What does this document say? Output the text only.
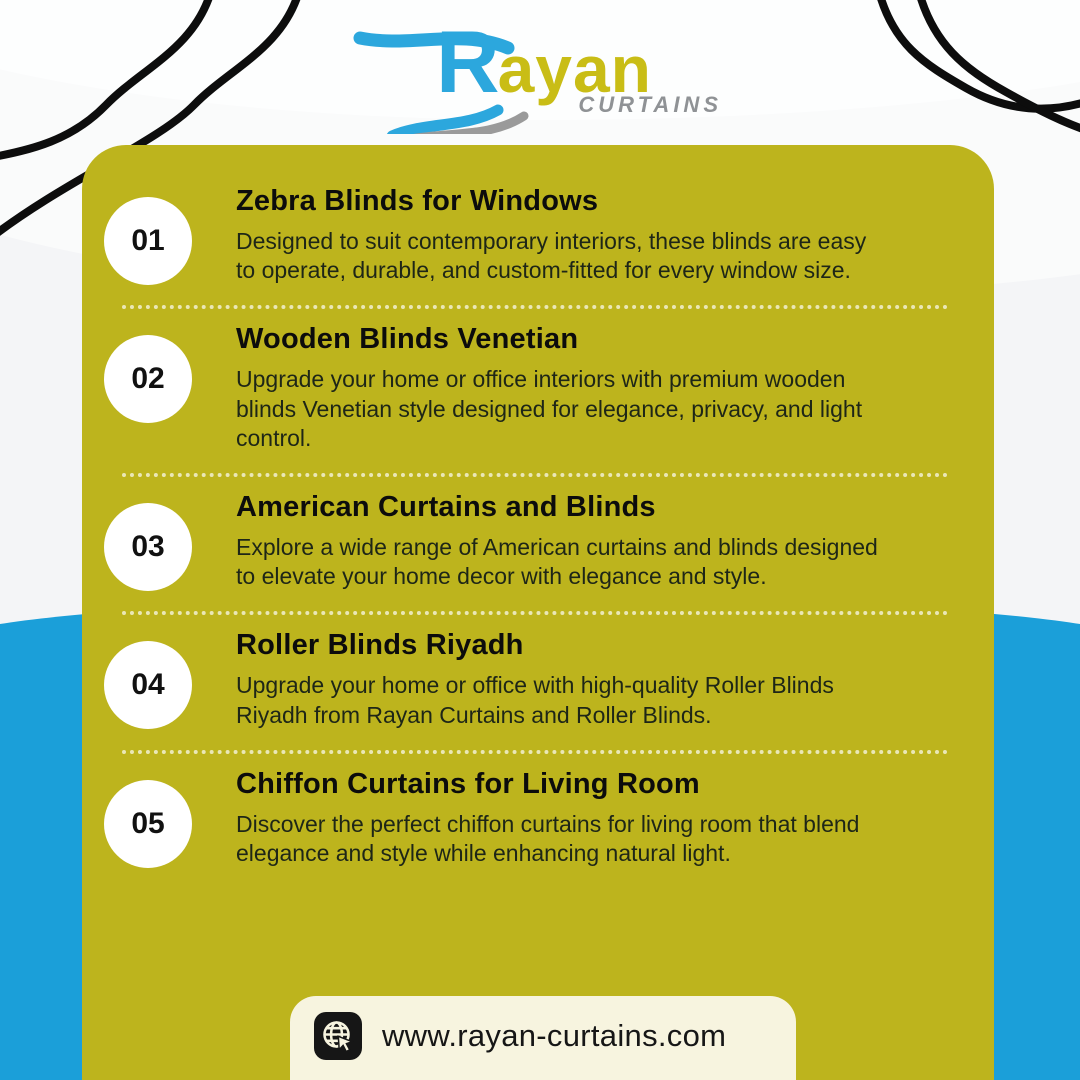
R ayan
CURTAINS
01
Zebra Blinds for Windows
Designed to suit contemporary interiors, these blinds are easy to operate, durable, and custom-fitted for every window size.
02
Wooden Blinds Venetian
Upgrade your home or office interiors with premium wooden blinds Venetian style designed for elegance, privacy, and light control.
03
American Curtains and Blinds
Explore a wide range of American curtains and blinds designed to elevate your home decor with elegance and style.
04
Roller Blinds Riyadh
Upgrade your home or office with high-quality Roller Blinds Riyadh from Rayan Curtains and Roller Blinds.
05
Chiffon Curtains for Living Room
Discover the perfect chiffon curtains for living room that blend elegance and style while enhancing natural light.
www.rayan-curtains.com
